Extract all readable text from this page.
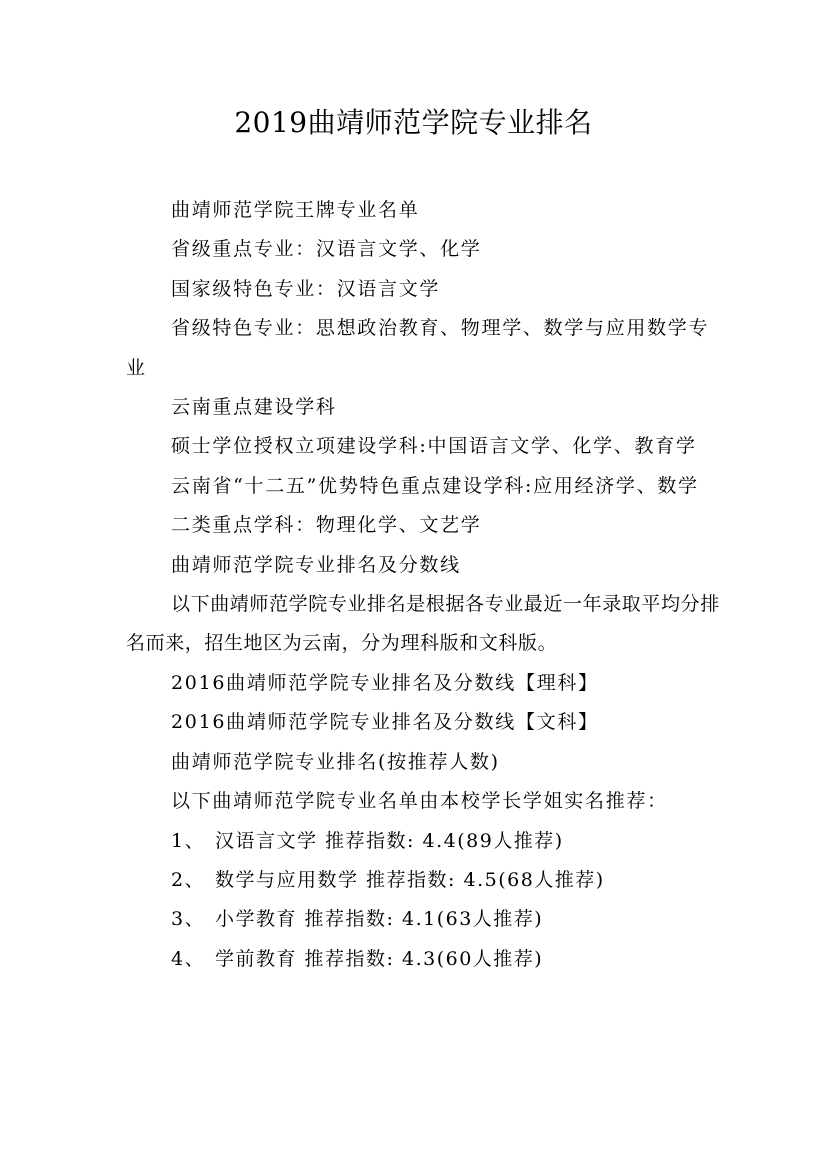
2019曲靖师范学院专业排名

曲靖师范学院王牌专业名单

省级重点专业：汉语言文学、化学

国家级特色专业：汉语言文学

省级特色专业：思想政治教育、物理学、数学与应用数学专业

云南重点建设学科

硕士学位授权立项建设学科:中国语言文学、化学、教育学

云南省“十二五”优势特色重点建设学科:应用经济学、数学

二类重点学科：物理化学、文艺学

曲靖师范学院专业排名及分数线

以下曲靖师范学院专业排名是根据各专业最近一年录取平均分排名而来，招生地区为云南，分为理科版和文科版。

2016曲靖师范学院专业排名及分数线【理科】

2016曲靖师范学院专业排名及分数线【文科】

曲靖师范学院专业排名(按推荐人数)

以下曲靖师范学院专业名单由本校学长学姐实名推荐：

1、 汉语言文学 推荐指数: 4.4(89人推荐)

2、 数学与应用数学 推荐指数: 4.5(68人推荐)

3、 小学教育 推荐指数: 4.1(63人推荐)

4、 学前教育 推荐指数: 4.3(60人推荐)
